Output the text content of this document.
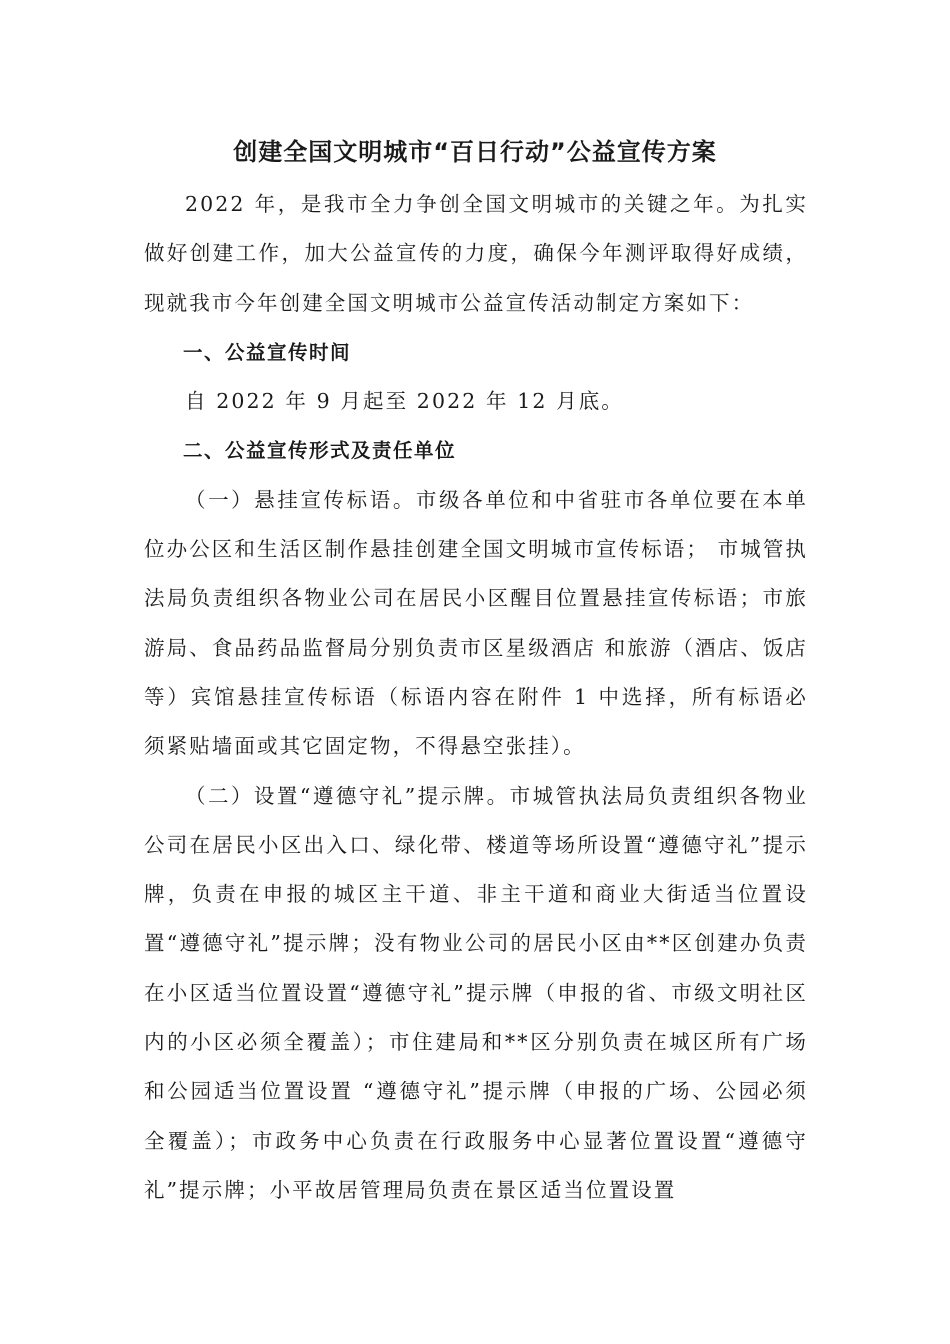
创建全国文明城市“百日行动”公益宣传方案

2022 年，是我市全力争创全国文明城市的关键之年。为扎实做好创建工作，加大公益宣传的力度，确保今年测评取得好成绩，现就我市今年创建全国文明城市公益宣传活动制定方案如下：

一、公益宣传时间

自 2022 年 9 月起至 2022 年 12 月底。

二、公益宣传形式及责任单位

（一）悬挂宣传标语。市级各单位和中省驻市各单位要在本单位办公区和生活区制作悬挂创建全国文明城市宣传标语； 市城管执法局负责组织各物业公司在居民小区醒目位置悬挂宣传标语；市旅游局、食品药品监督局分别负责市区星级酒店 和旅游（酒店、饭店等）宾馆悬挂宣传标语（标语内容在附件 1 中选择，所有标语必须紧贴墙面或其它固定物，不得悬空张挂）。

（二）设置“遵德守礼”提示牌。市城管执法局负责组织各物业公司在居民小区出入口、绿化带、楼道等场所设置“遵德守礼”提示牌，负责在申报的城区主干道、非主干道和商业大街适当位置设置“遵德守礼”提示牌；没有物业公司的居民小区由**区创建办负责在小区适当位置设置“遵德守礼”提示牌（申报的省、市级文明社区内的小区必须全覆盖）；市住建局和**区分别负责在城区所有广场和公园适当位置设置 “遵德守礼”提示牌（申报的广场、公园必须全覆盖）；市政务中心负责在行政服务中心显著位置设置“遵德守礼”提示牌；小平故居管理局负责在景区适当位置设置
